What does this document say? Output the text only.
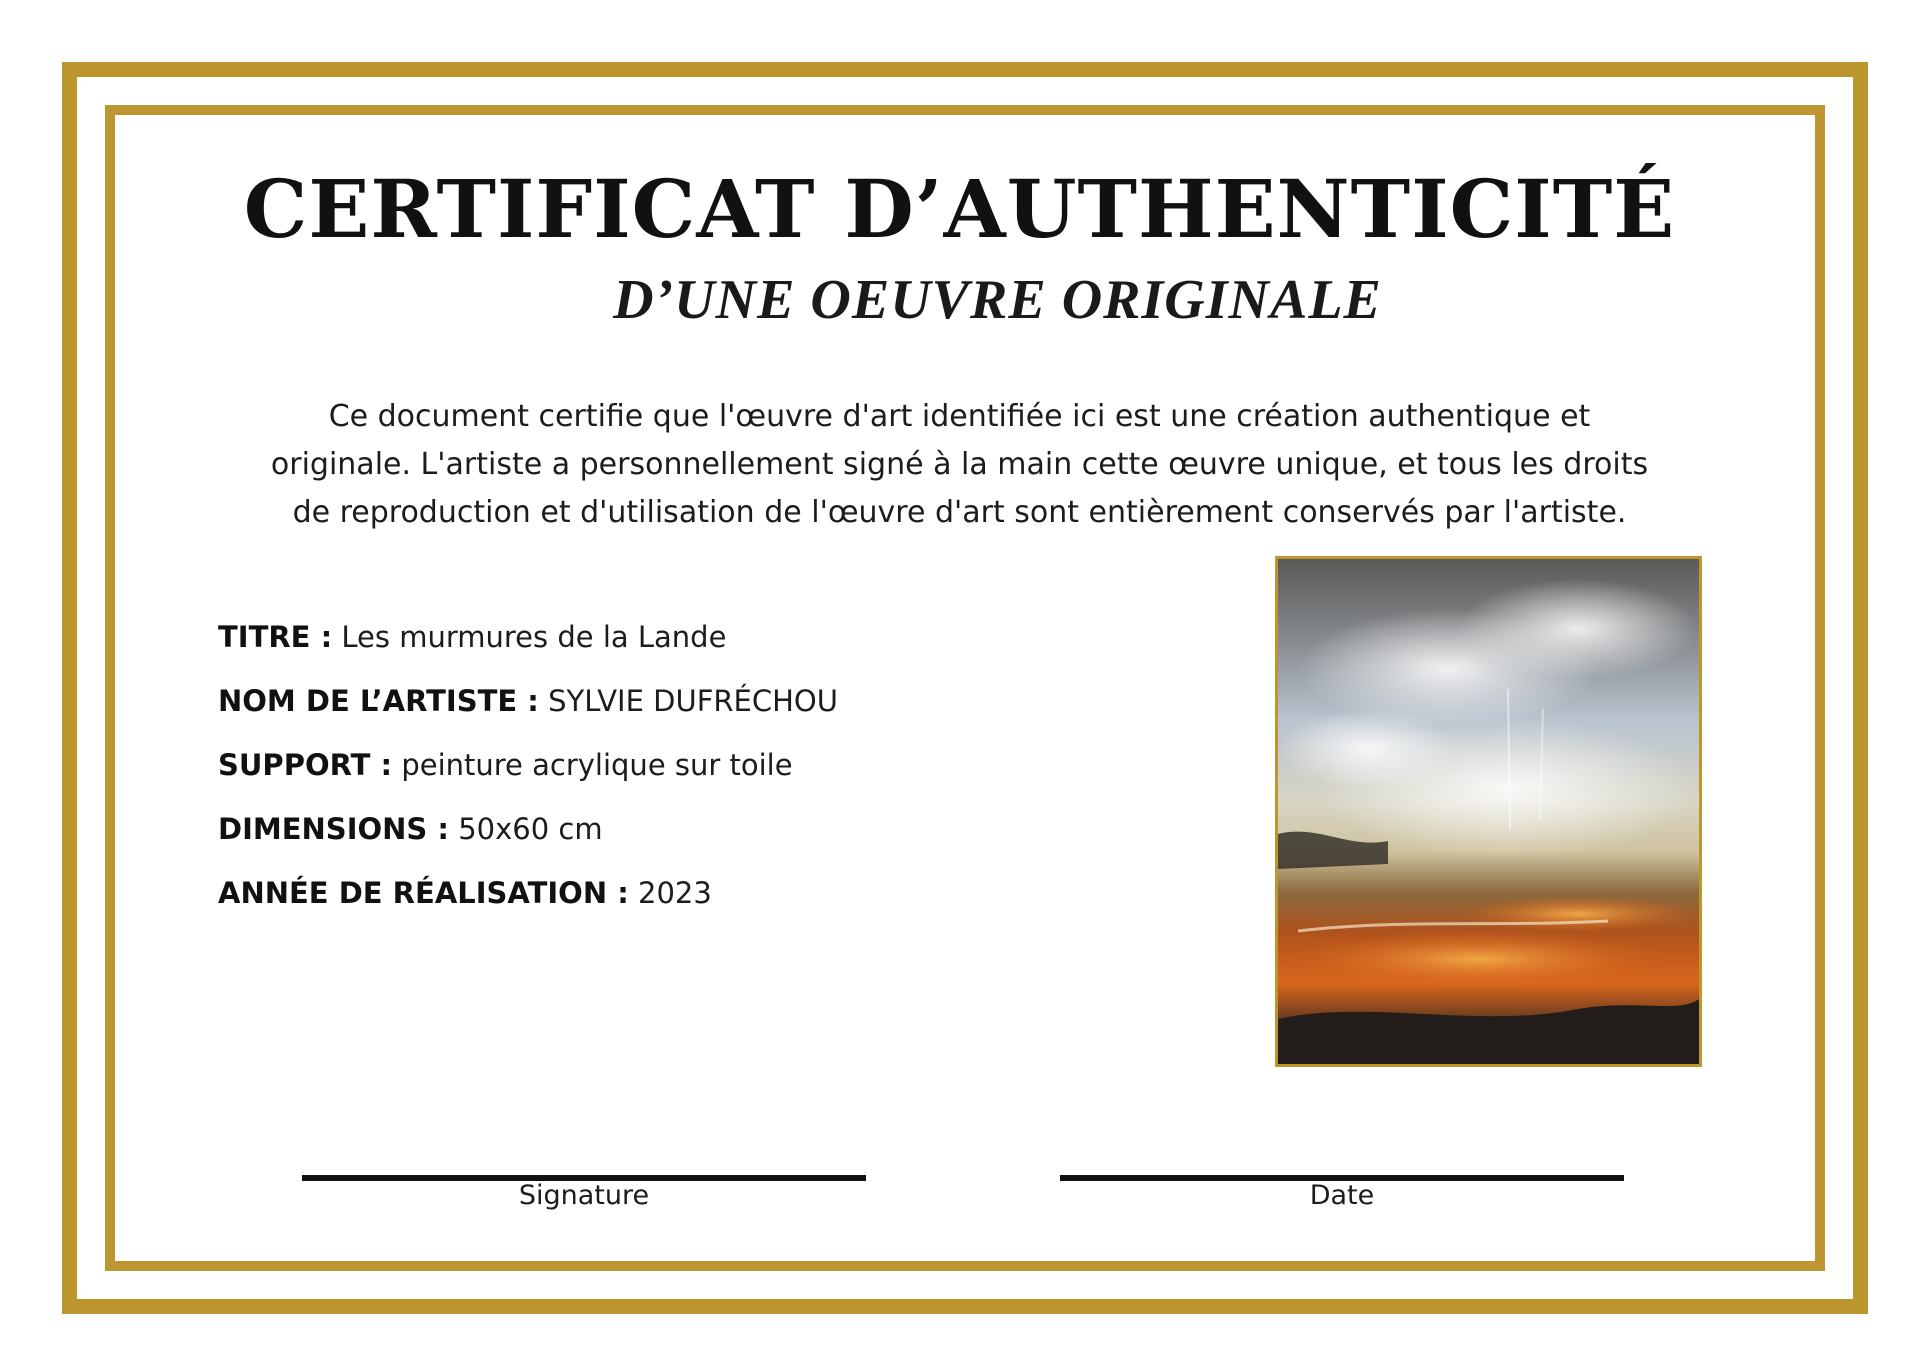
CERTIFICAT D’AUTHENTICITÉ
D’UNE OEUVRE ORIGINALE
Ce document certifie que l'œuvre d'art identifiée ici est une création authentique et
originale. L'artiste a personnellement signé à la main cette œuvre unique, et tous les droits
de reproduction et d'utilisation de l'œuvre d'art sont entièrement conservés par l'artiste.
TITRE : Les murmures de la Lande
NOM DE L’ARTISTE : SYLVIE DUFRÉCHOU
SUPPORT : peinture acrylique sur toile
DIMENSIONS : 50x60 cm
ANNÉE DE RÉALISATION : 2023
Signature	Date
